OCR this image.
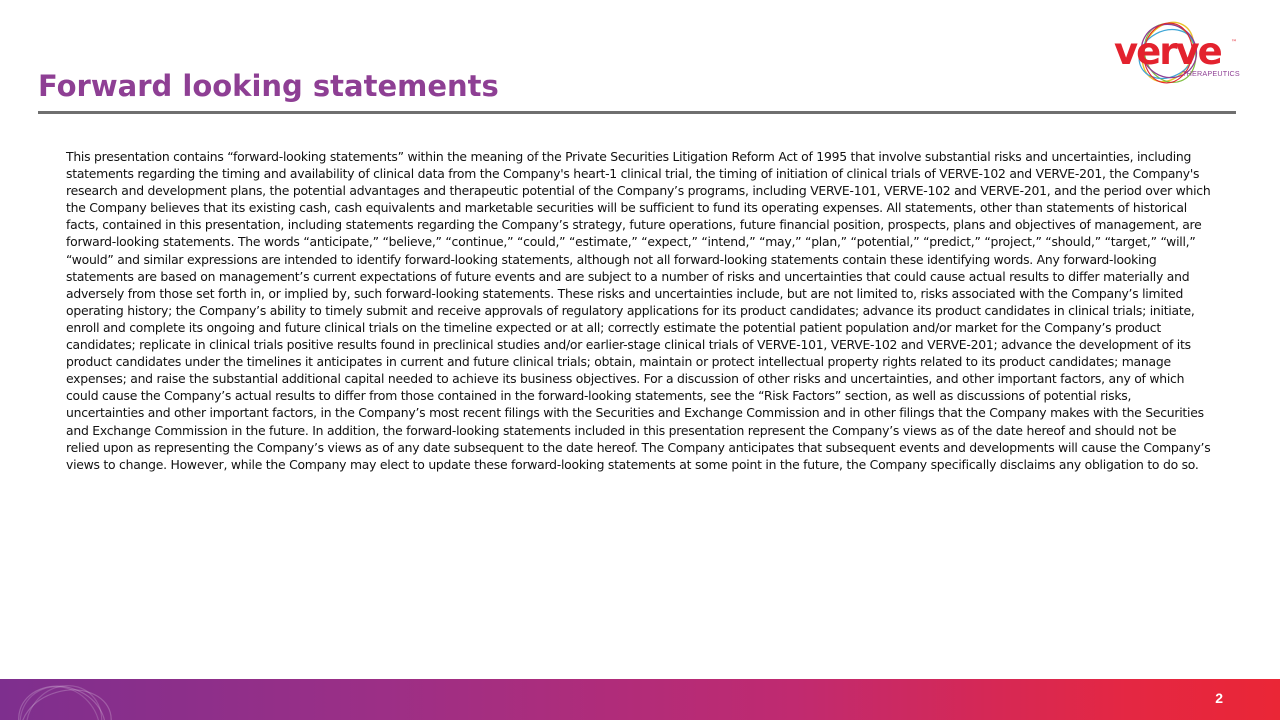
Forward looking statements
verve ™
THERAPEUTICS

This presentation contains “forward-looking statements” within the meaning of the Private Securities Litigation Reform Act of 1995 that involve substantial risks and uncertainties, including statements regarding the timing and availability of clinical data from the Company's heart-1 clinical trial, the timing of initiation of clinical trials of VERVE-102 and VERVE-201, the Company's research and development plans, the potential advantages and therapeutic potential of the Company’s programs, including VERVE-101, VERVE-102 and VERVE-201, and the period over which the Company believes that its existing cash, cash equivalents and marketable securities will be sufficient to fund its operating expenses. All statements, other than statements of historical facts, contained in this presentation, including statements regarding the Company’s strategy, future operations, future financial position, prospects, plans and objectives of management, are forward-looking statements. The words “anticipate,” “believe,” “continue,” “could,” “estimate,” “expect,” “intend,” “may,” “plan,” “potential,” “predict,” “project,” “should,” “target,” “will,” “would” and similar expressions are intended to identify forward-looking statements, although not all forward-looking statements contain these identifying words. Any forward-looking statements are based on management’s current expectations of future events and are subject to a number of risks and uncertainties that could cause actual results to differ materially and adversely from those set forth in, or implied by, such forward-looking statements. These risks and uncertainties include, but are not limited to, risks associated with the Company’s limited operating history; the Company’s ability to timely submit and receive approvals of regulatory applications for its product candidates; advance its product candidates in clinical trials; initiate, enroll and complete its ongoing and future clinical trials on the timeline expected or at all; correctly estimate the potential patient population and/or market for the Company’s product candidates; replicate in clinical trials positive results found in preclinical studies and/or earlier-stage clinical trials of VERVE-101, VERVE-102 and VERVE-201; advance the development of its product candidates under the timelines it anticipates in current and future clinical trials; obtain, maintain or protect intellectual property rights related to its product candidates; manage expenses; and raise the substantial additional capital needed to achieve its business objectives. For a discussion of other risks and uncertainties, and other important factors, any of which could cause the Company’s actual results to differ from those contained in the forward-looking statements, see the “Risk Factors” section, as well as discussions of potential risks, uncertainties and other important factors, in the Company’s most recent filings with the Securities and Exchange Commission and in other filings that the Company makes with the Securities and Exchange Commission in the future. In addition, the forward-looking statements included in this presentation represent the Company’s views as of the date hereof and should not be relied upon as representing the Company’s views as of any date subsequent to the date hereof. The Company anticipates that subsequent events and developments will cause the Company’s views to change. However, while the Company may elect to update these forward-looking statements at some point in the future, the Company specifically disclaims any obligation to do so.

2
